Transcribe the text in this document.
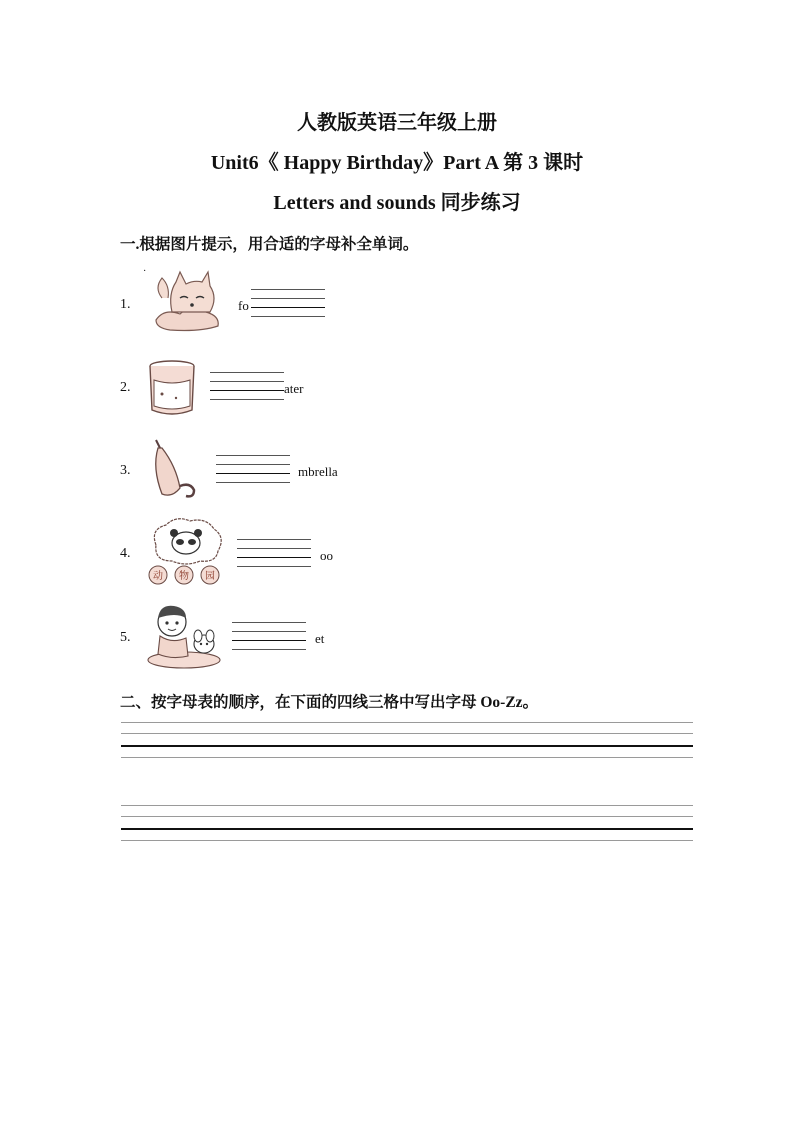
人教版英语三年级上册
Unit6《 Happy Birthday》Part A 第 3 课时
Letters and sounds 同步练习
一.根据图片提示，用合适的字母补全单词。
·
1.	fo
2.	ater
3.	mbrella
4.
动 物 园
oo
5.	et
二、按字母表的顺序，在下面的四线三格中写出字母 Oo-Zz。
